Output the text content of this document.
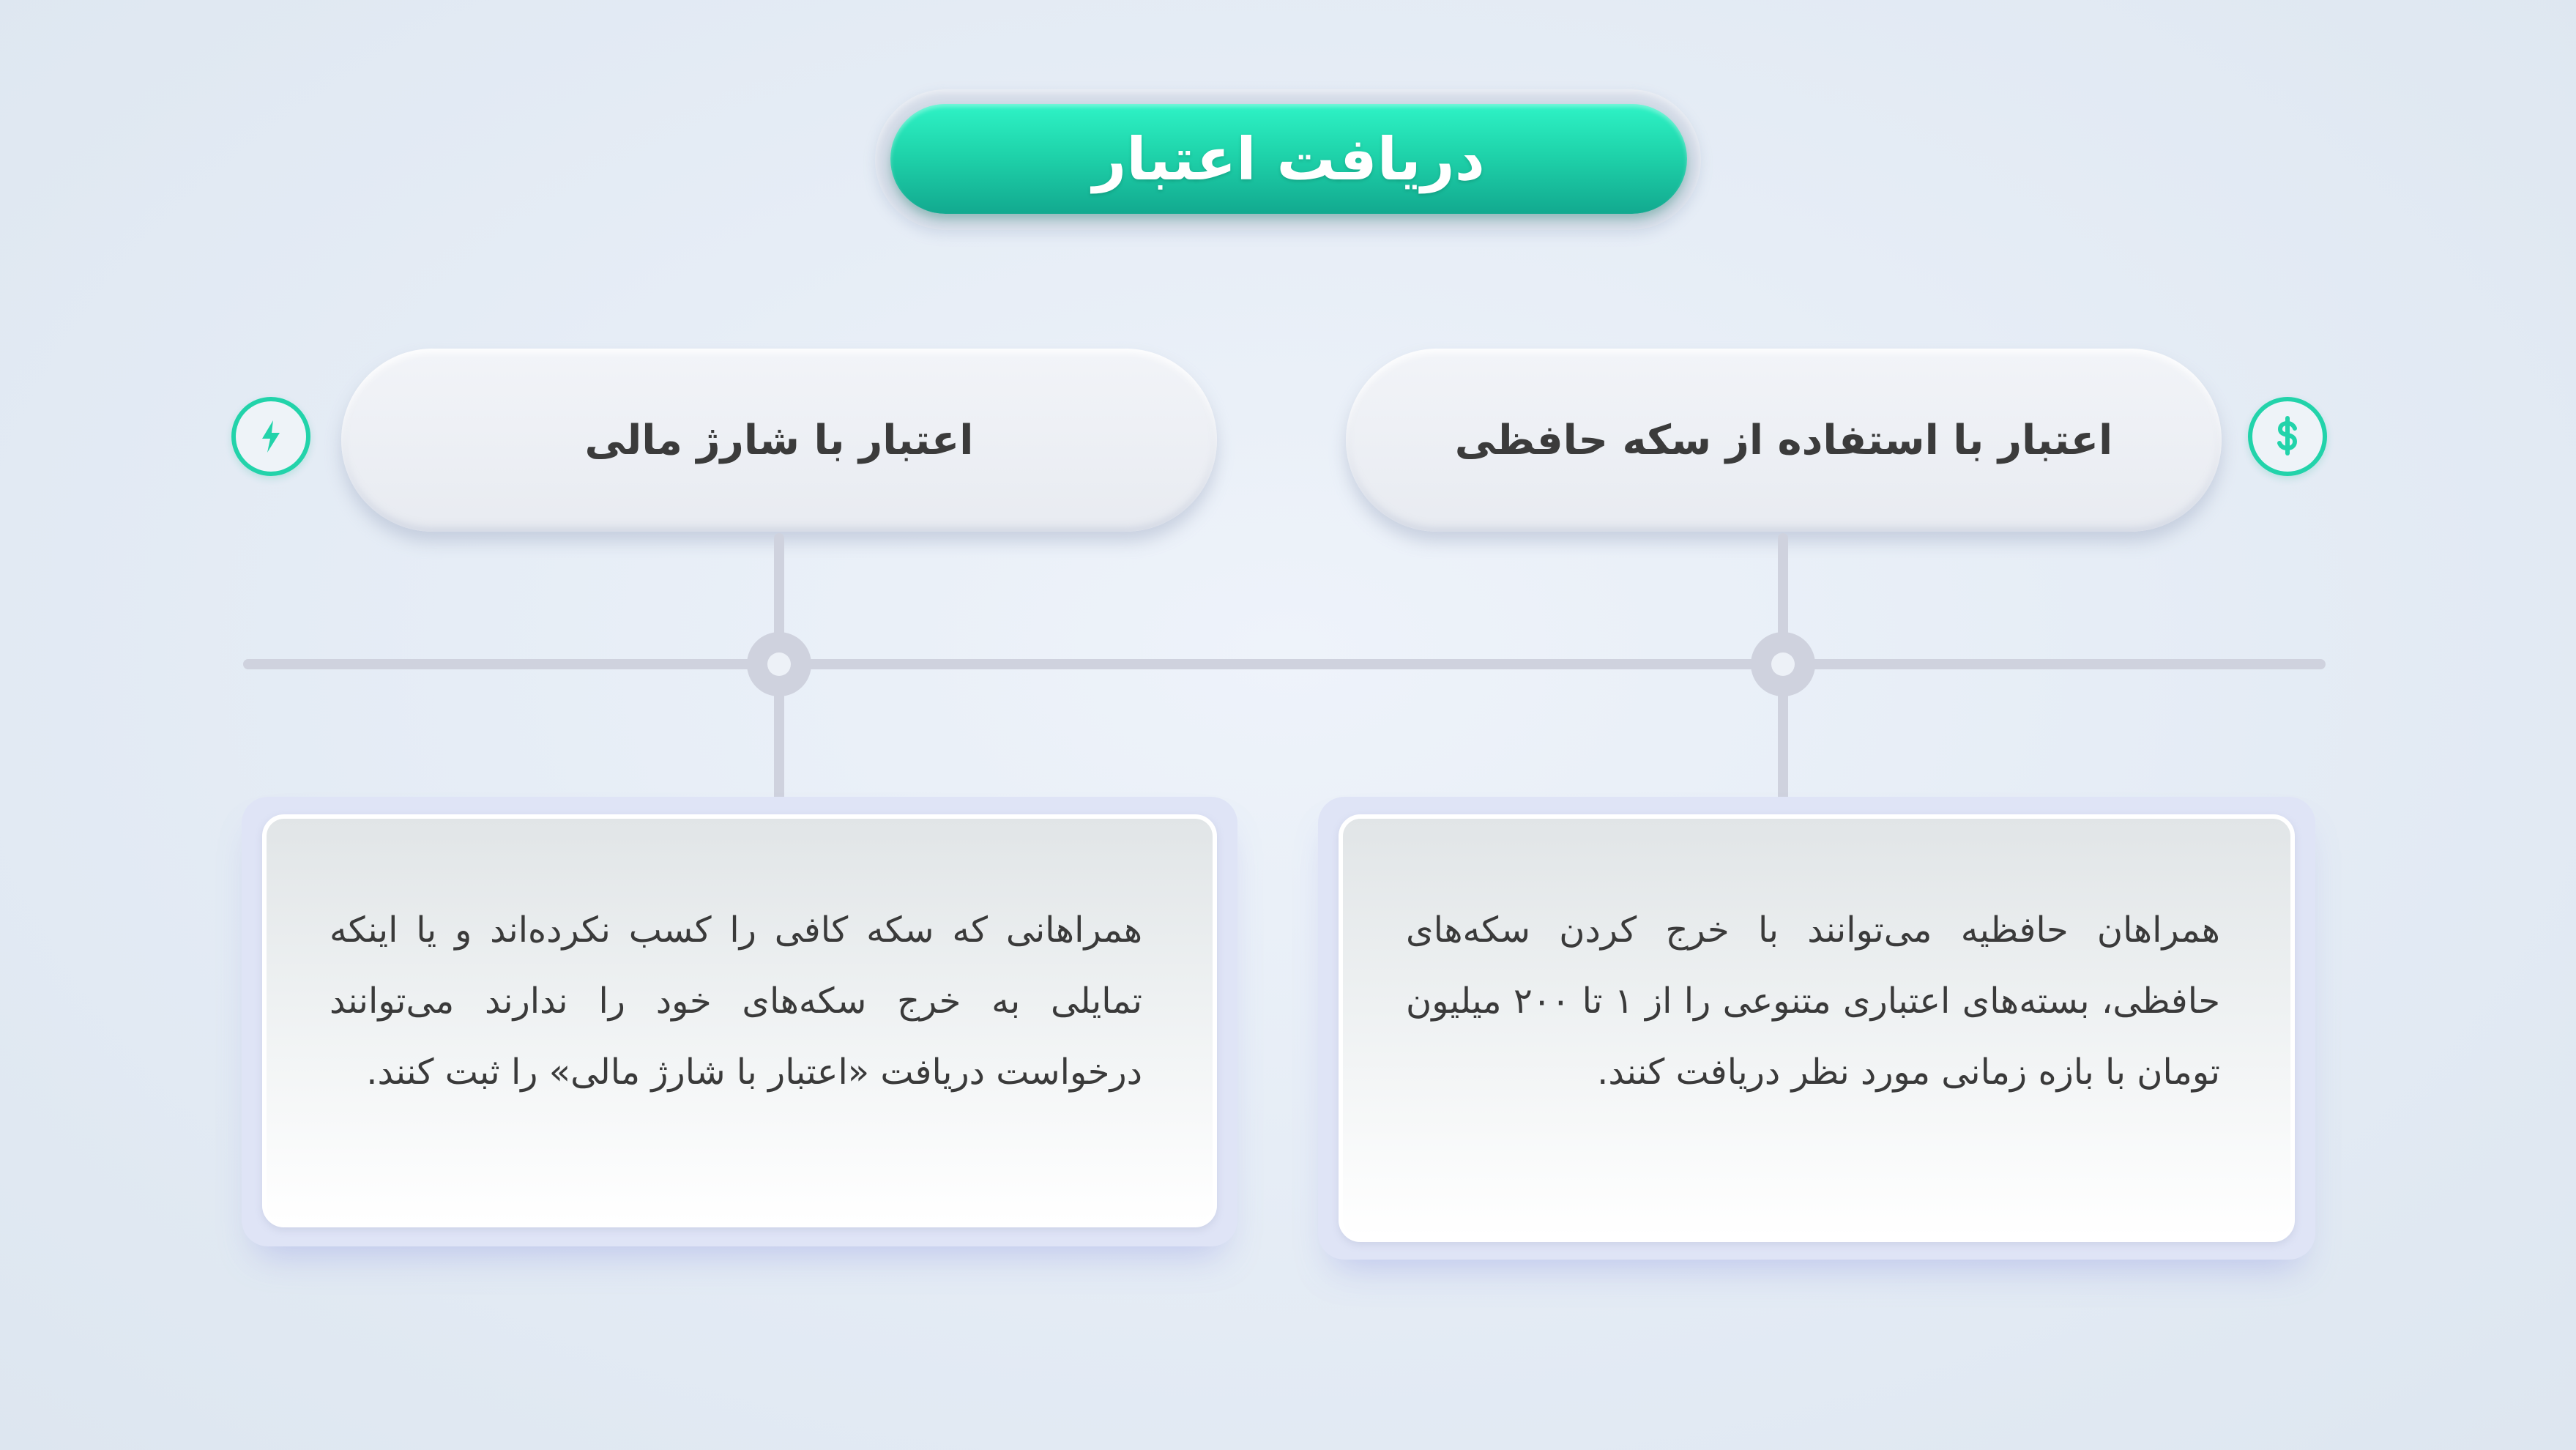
دریافت اعتبار
اعتبار با شارژ مالی	اعتبار با استفاده از سکه حافظی
همراهانی که سکه کافی را کسب نکرده‌اند و یا اینکه تمایلی به خرج سکه‌های خود را ندارند می‌توانند درخواست دریافت «اعتبار با شارژ مالی» را ثبت کنند.
همراهان حافظیه می‌توانند با خرج کردن سکه‌های حافظی، بسته‌های اعتباری متنوعی را از ۱ تا ۲۰۰ میلیون تومان با بازه زمانی مورد نظر دریافت کنند.
